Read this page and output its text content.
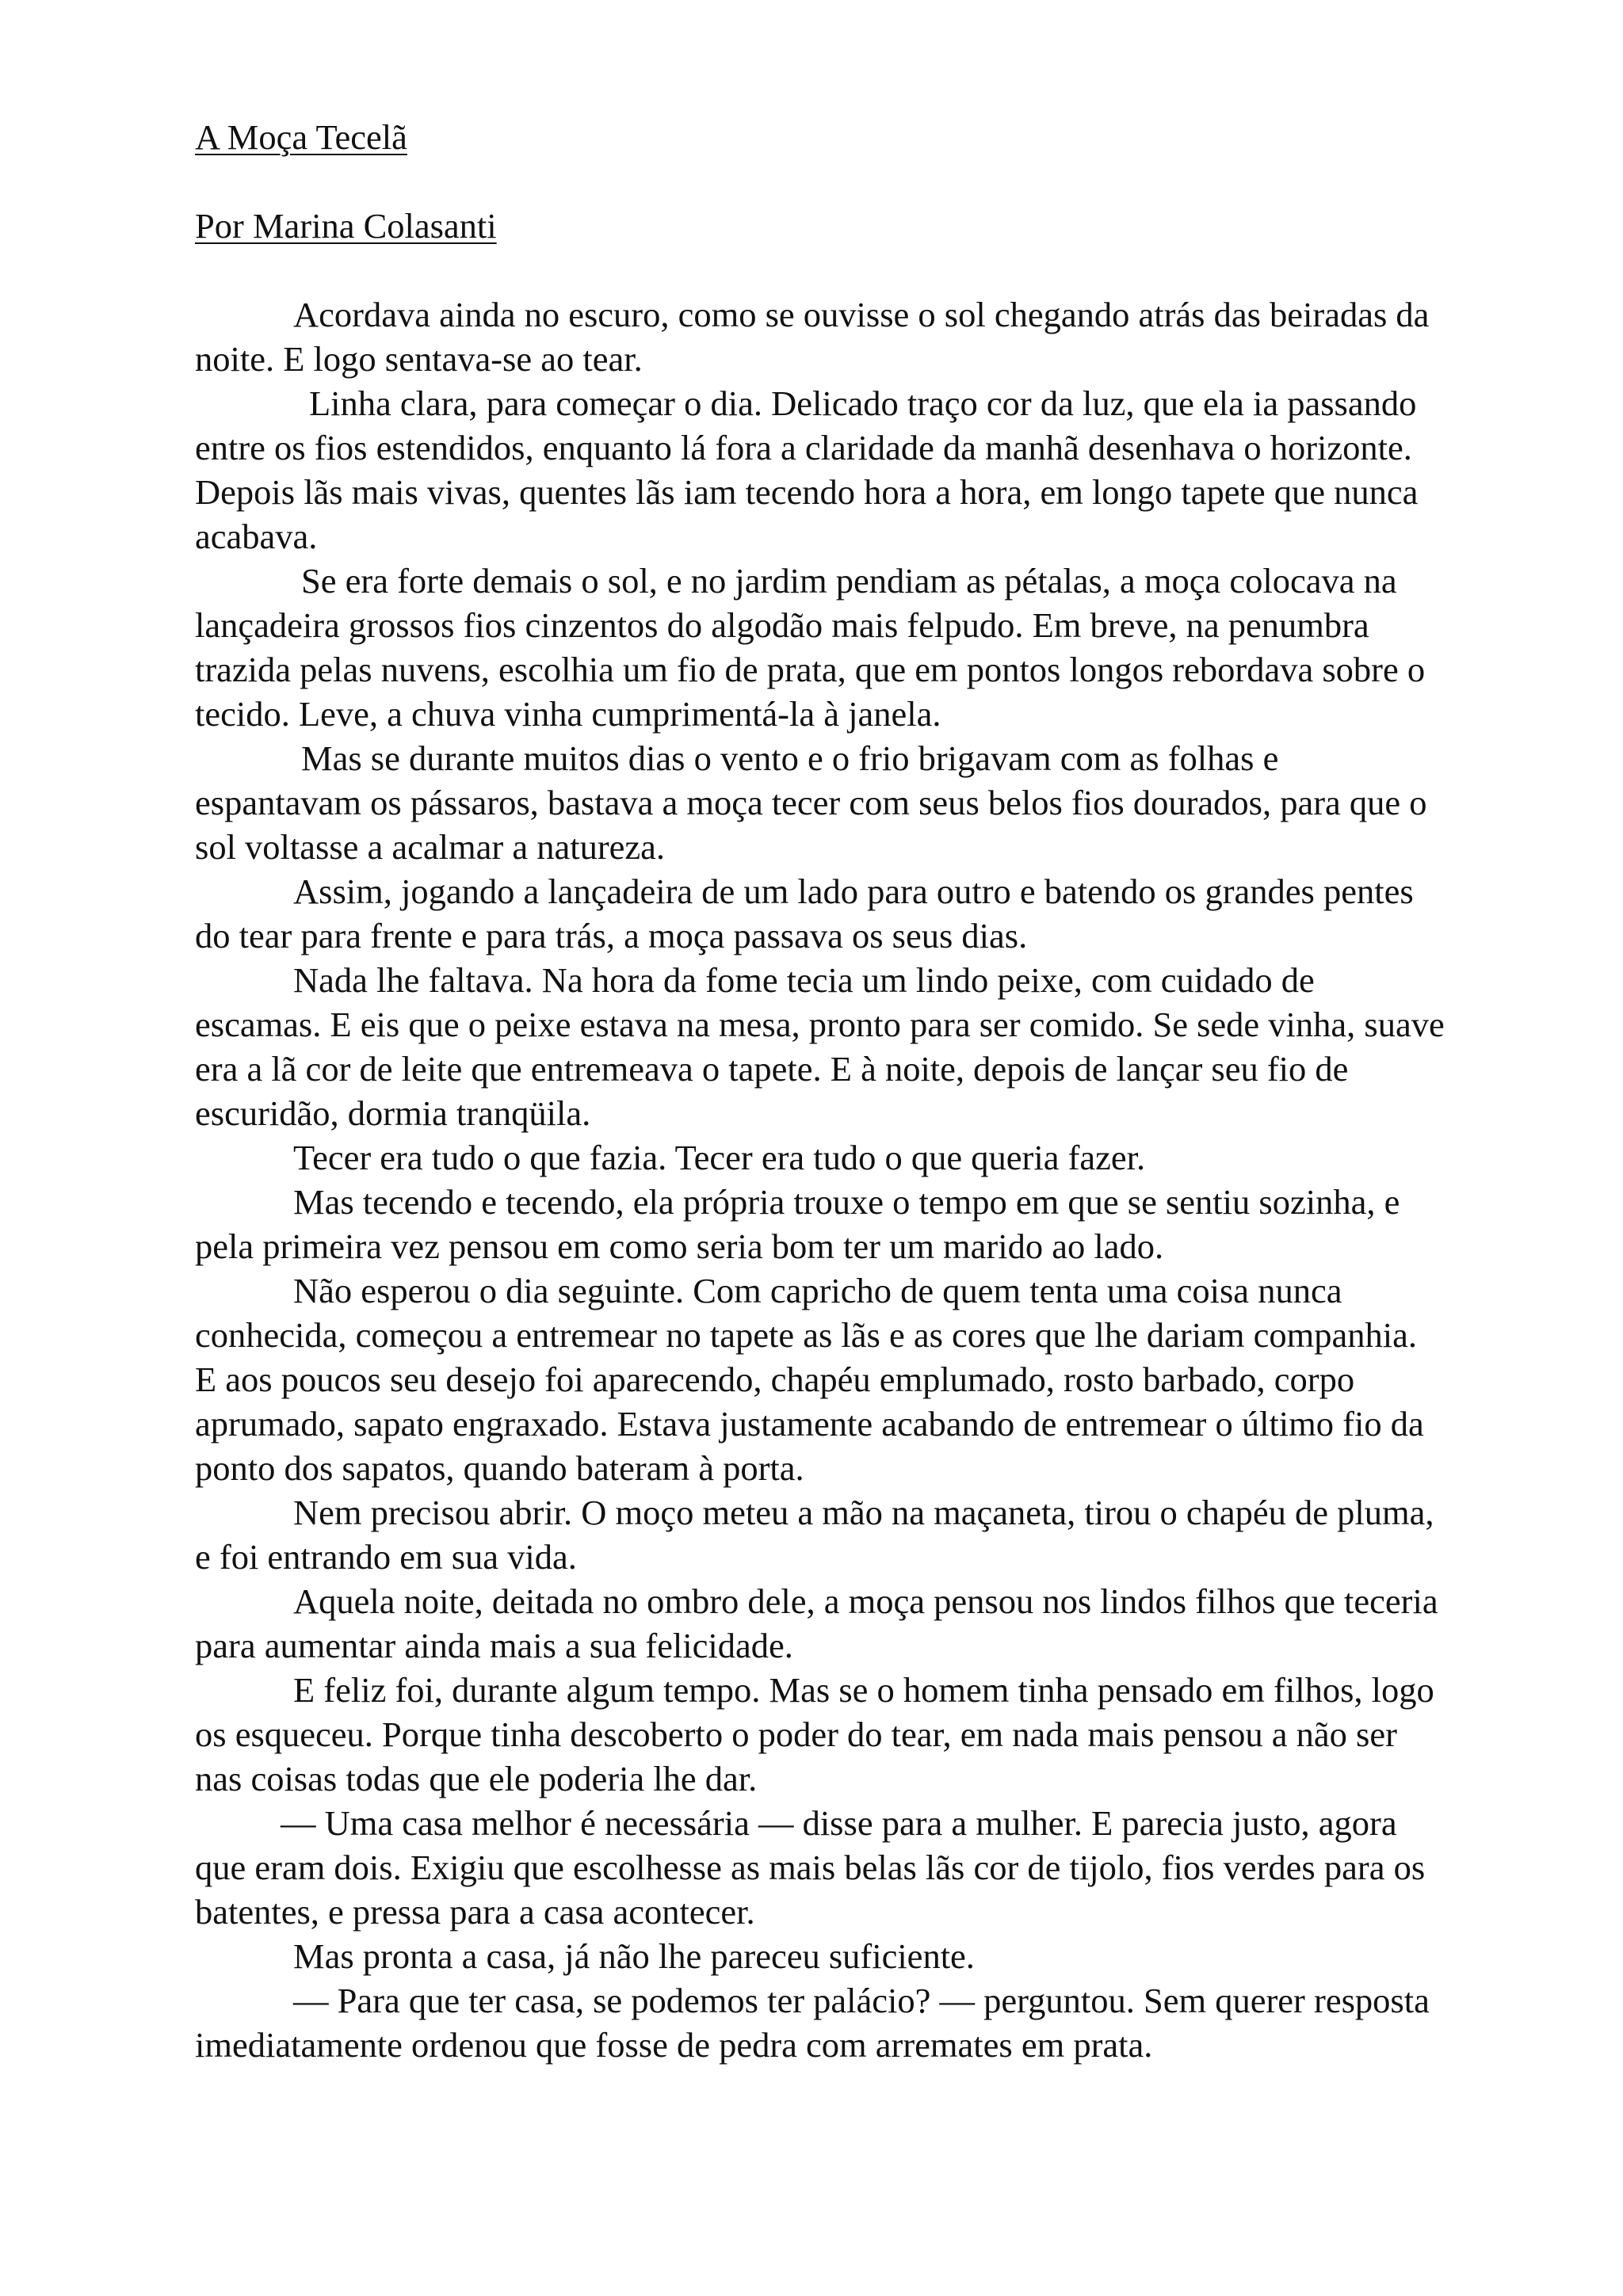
A Moça Tecelã

Por Marina Colasanti

Acordava ainda no escuro, como se ouvisse o sol chegando atrás das beiradas da noite. E logo sentava-se ao tear.

Linha clara, para começar o dia. Delicado traço cor da luz, que ela ia passando entre os fios estendidos, enquanto lá fora a claridade da manhã desenhava o horizonte.

Depois lãs mais vivas, quentes lãs iam tecendo hora a hora, em longo tapete que nunca acabava.

Se era forte demais o sol, e no jardim pendiam as pétalas, a moça colocava na lançadeira grossos fios cinzentos do algodão mais felpudo. Em breve, na penumbra trazida pelas nuvens, escolhia um fio de prata, que em pontos longos rebordava sobre o tecido. Leve, a chuva vinha cumprimentá-la à janela.

Mas se durante muitos dias o vento e o frio brigavam com as folhas e espantavam os pássaros, bastava a moça tecer com seus belos fios dourados, para que o sol voltasse a acalmar a natureza.

Assim, jogando a lançadeira de um lado para outro e batendo os grandes pentes do tear para frente e para trás, a moça passava os seus dias.

Nada lhe faltava. Na hora da fome tecia um lindo peixe, com cuidado de escamas. E eis que o peixe estava na mesa, pronto para ser comido. Se sede vinha, suave era a lã cor de leite que entremeava o tapete. E à noite, depois de lançar seu fio de escuridão, dormia tranqüila.

Tecer era tudo o que fazia. Tecer era tudo o que queria fazer.

Mas tecendo e tecendo, ela própria trouxe o tempo em que se sentiu sozinha, e pela primeira vez pensou em como seria bom ter um marido ao lado.

Não esperou o dia seguinte. Com capricho de quem tenta uma coisa nunca conhecida, começou a entremear no tapete as lãs e as cores que lhe dariam companhia. E aos poucos seu desejo foi aparecendo, chapéu emplumado, rosto barbado, corpo aprumado, sapato engraxado. Estava justamente acabando de entremear o último fio da ponto dos sapatos, quando bateram à porta.

Nem precisou abrir. O moço meteu a mão na maçaneta, tirou o chapéu de pluma, e foi entrando em sua vida.

Aquela noite, deitada no ombro dele, a moça pensou nos lindos filhos que teceria para aumentar ainda mais a sua felicidade.

E feliz foi, durante algum tempo. Mas se o homem tinha pensado em filhos, logo os esqueceu. Porque tinha descoberto o poder do tear, em nada mais pensou a não ser nas coisas todas que ele poderia lhe dar.

— Uma casa melhor é necessária — disse para a mulher. E parecia justo, agora que eram dois. Exigiu que escolhesse as mais belas lãs cor de tijolo, fios verdes para os batentes, e pressa para a casa acontecer.

Mas pronta a casa, já não lhe pareceu suficiente.

— Para que ter casa, se podemos ter palácio? — perguntou. Sem querer resposta imediatamente ordenou que fosse de pedra com arremates em prata.
